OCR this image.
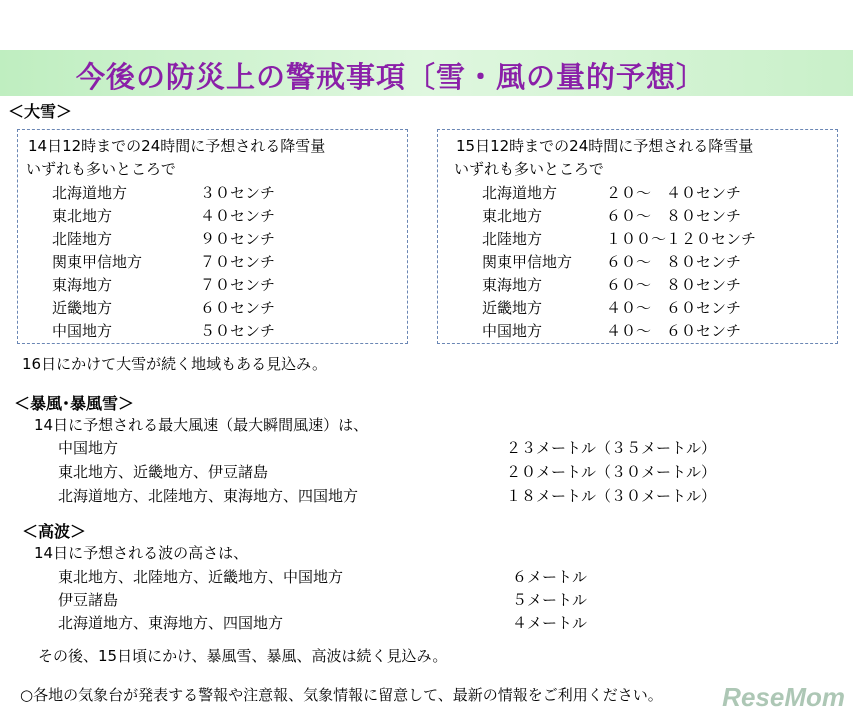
今後の防災上の警戒事項〔雪・風の量的予想〕
＜大雪＞
14日12時までの24時間に予想される降雪量
いずれも多いところで
北海道地方	３０センチ
東北地方	４０センチ
北陸地方	９０センチ
関東甲信地方	７０センチ
東海地方	７０センチ
近畿地方	６０センチ
中国地方	５０センチ
15日12時までの24時間に予想される降雪量
いずれも多いところで
北海道地方	２０〜　４０センチ
東北地方	６０〜　８０センチ
北陸地方	１００〜１２０センチ
関東甲信地方 ６０〜　８０センチ
東海地方	６０〜　８０センチ
近畿地方	４０〜　６０センチ
中国地方	４０〜　６０センチ
16日にかけて大雪が続く地域もある見込み。
＜暴風･暴風雪＞
14日に予想される最大風速（最大瞬間風速）は、
中国地方	２３メートル（３５メートル）
東北地方、近畿地方、伊豆諸島	２０メートル（３０メートル）
北海道地方、北陸地方、東海地方、四国地方	１８メートル（３０メートル）
＜高波＞
14日に予想される波の高さは、
東北地方、北陸地方、近畿地方、中国地方	６メートル
伊豆諸島	５メートル
北海道地方、東海地方、四国地方	４メートル
その後、15日頃にかけ、暴風雪、暴風、高波は続く見込み。
○各地の気象台が発表する警報や注意報、気象情報に留意して、最新の情報をご利用ください。 ReseMom
